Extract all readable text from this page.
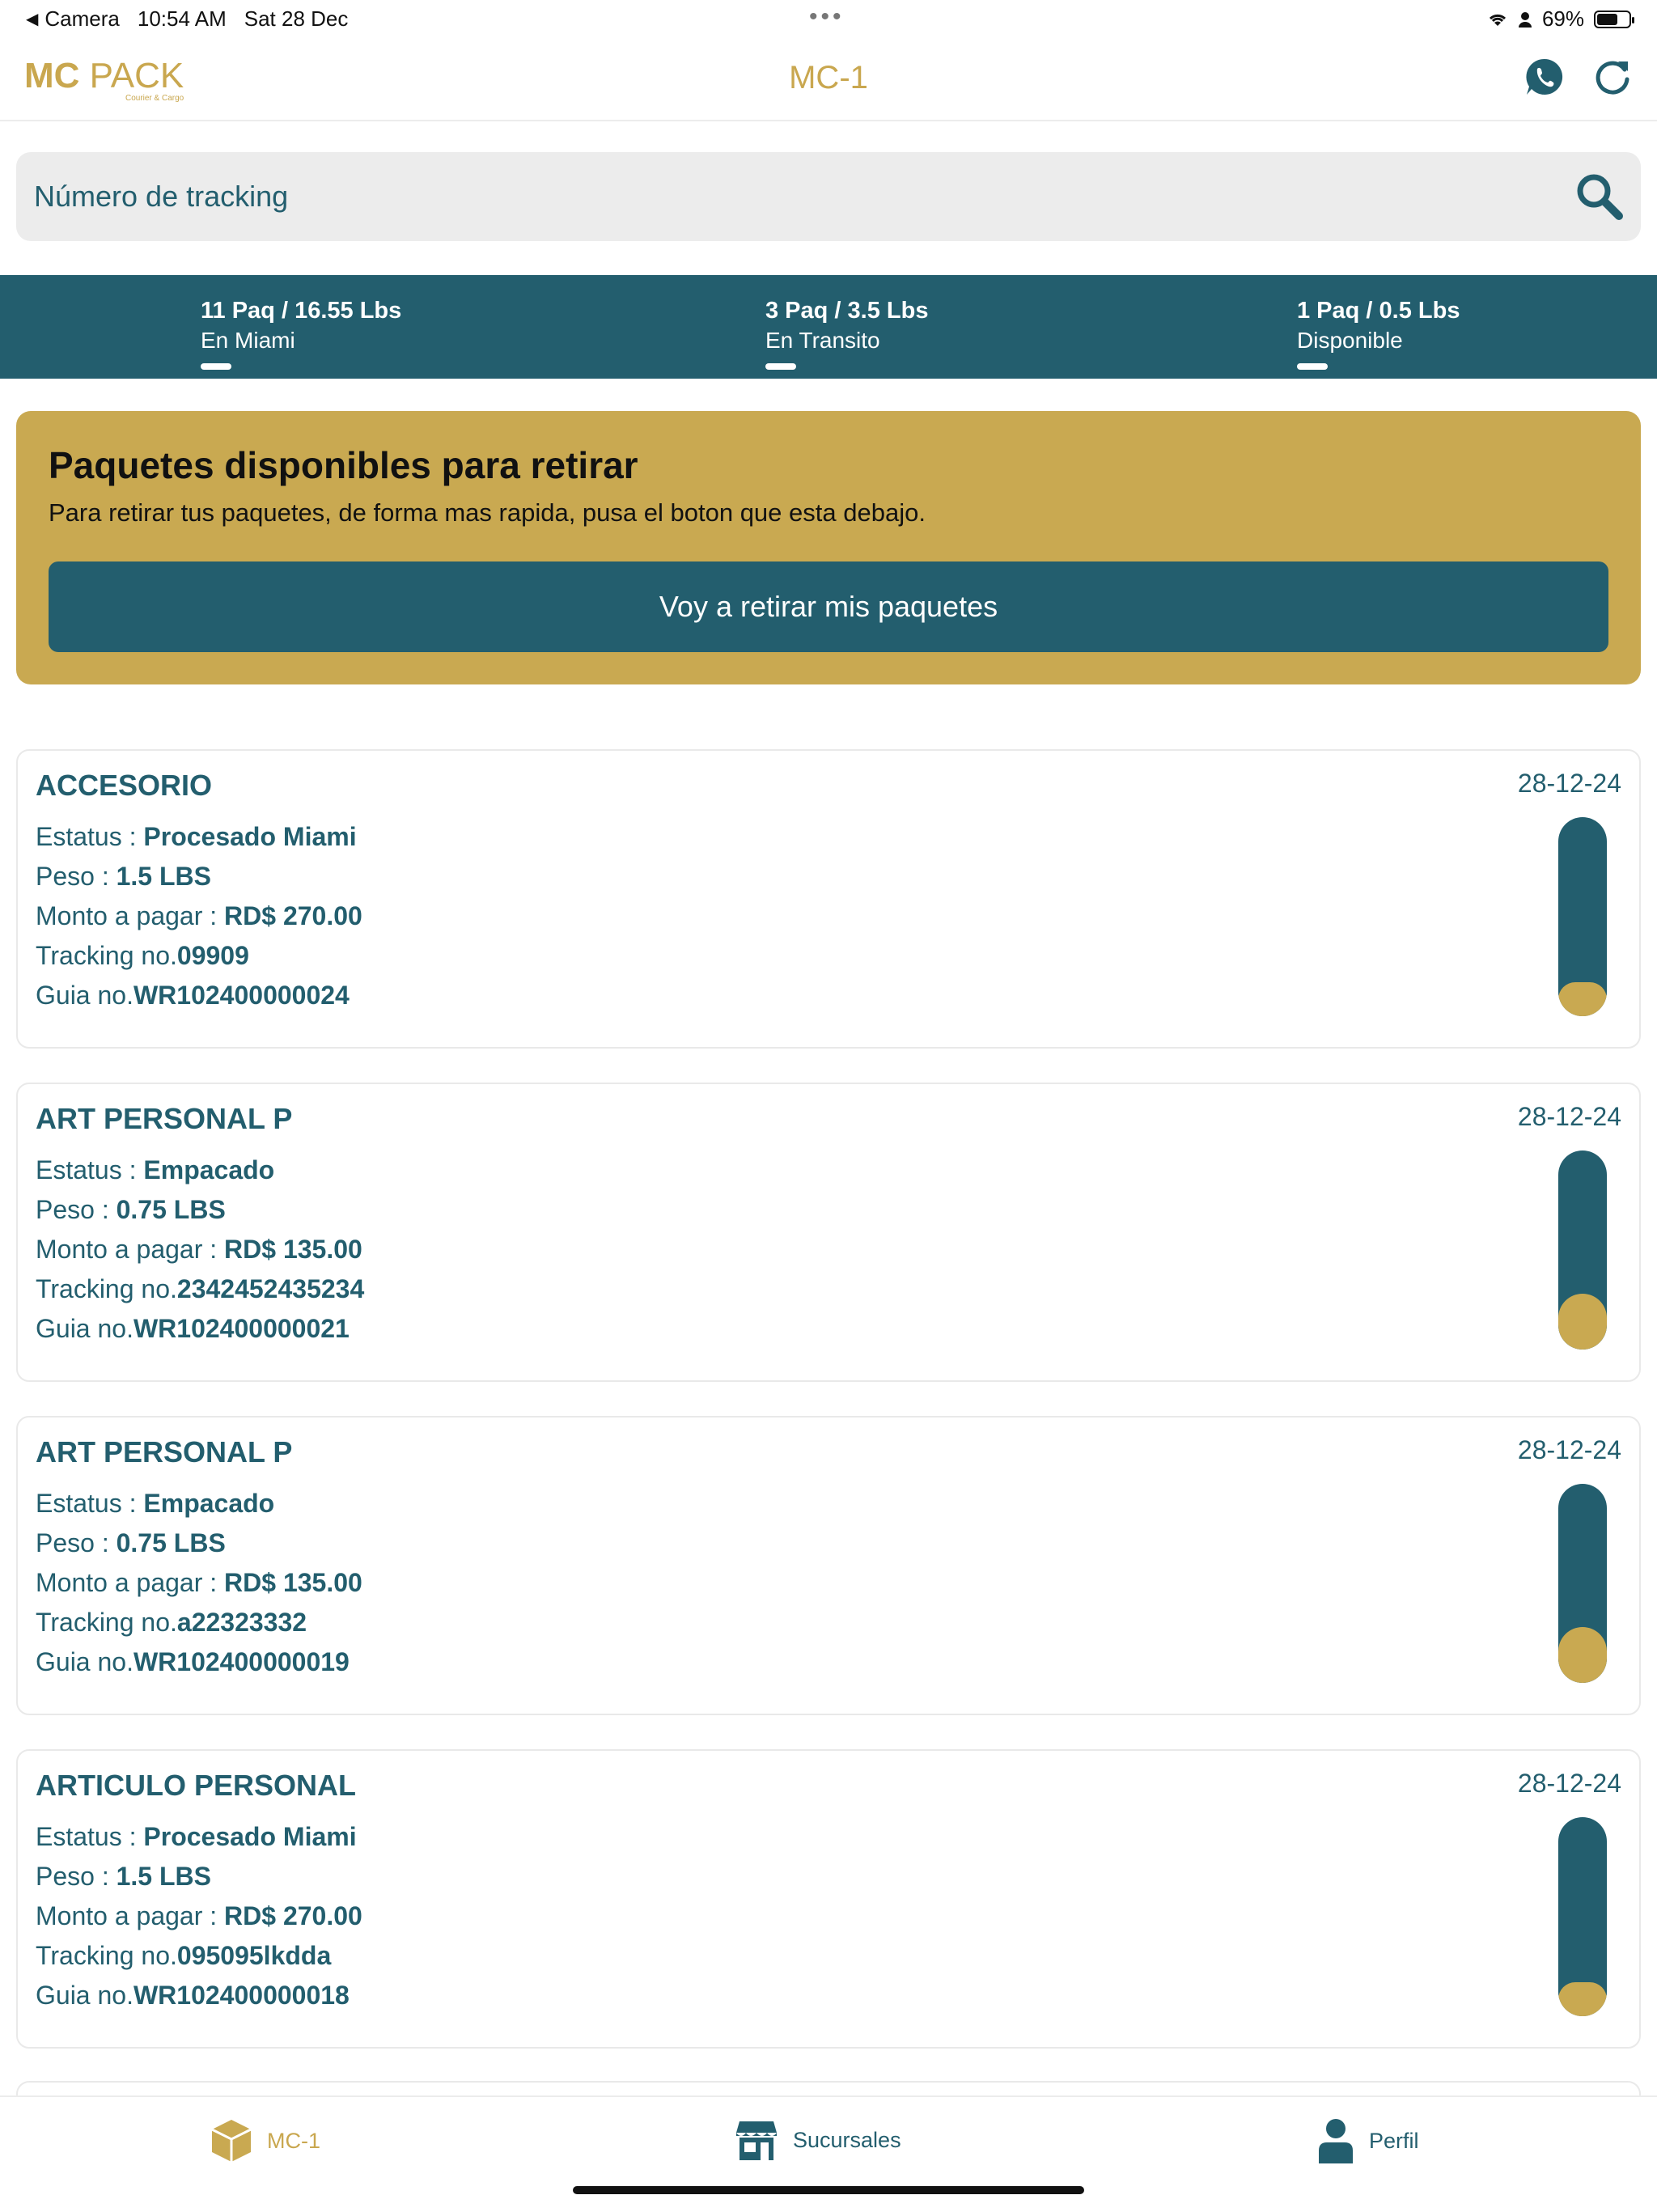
◀ Camera 10:54 AM Sat 28 Dec	•••	69%
MC PACK
Courier & Cargo
MC-1
Número de tracking
11 Paq / 16.55 Lbs
En Miami
3 Paq / 3.5 Lbs
En Transito
1 Paq / 0.5 Lbs
Disponible
Paquetes disponibles para retirar
Para retirar tus paquetes, de forma mas rapida, pusa el boton que esta debajo.
Voy a retirar mis paquetes
ACCESORIO	28-12-24
Estatus : Procesado Miami
Peso : 1.5 LBS
Monto a pagar : RD$ 270.00
Tracking no.09909
Guia no.WR102400000024
ART PERSONAL P	28-12-24
Estatus : Empacado
Peso : 0.75 LBS
Monto a pagar : RD$ 135.00
Tracking no.2342452435234
Guia no.WR102400000021
ART PERSONAL P	28-12-24
Estatus : Empacado
Peso : 0.75 LBS
Monto a pagar : RD$ 135.00
Tracking no.a22323332
Guia no.WR102400000019
ARTICULO PERSONAL	28-12-24
Estatus : Procesado Miami
Peso : 1.5 LBS
Monto a pagar : RD$ 270.00
Tracking no.095095lkdda
Guia no.WR102400000018
MC-1	Sucursales	Perfil
